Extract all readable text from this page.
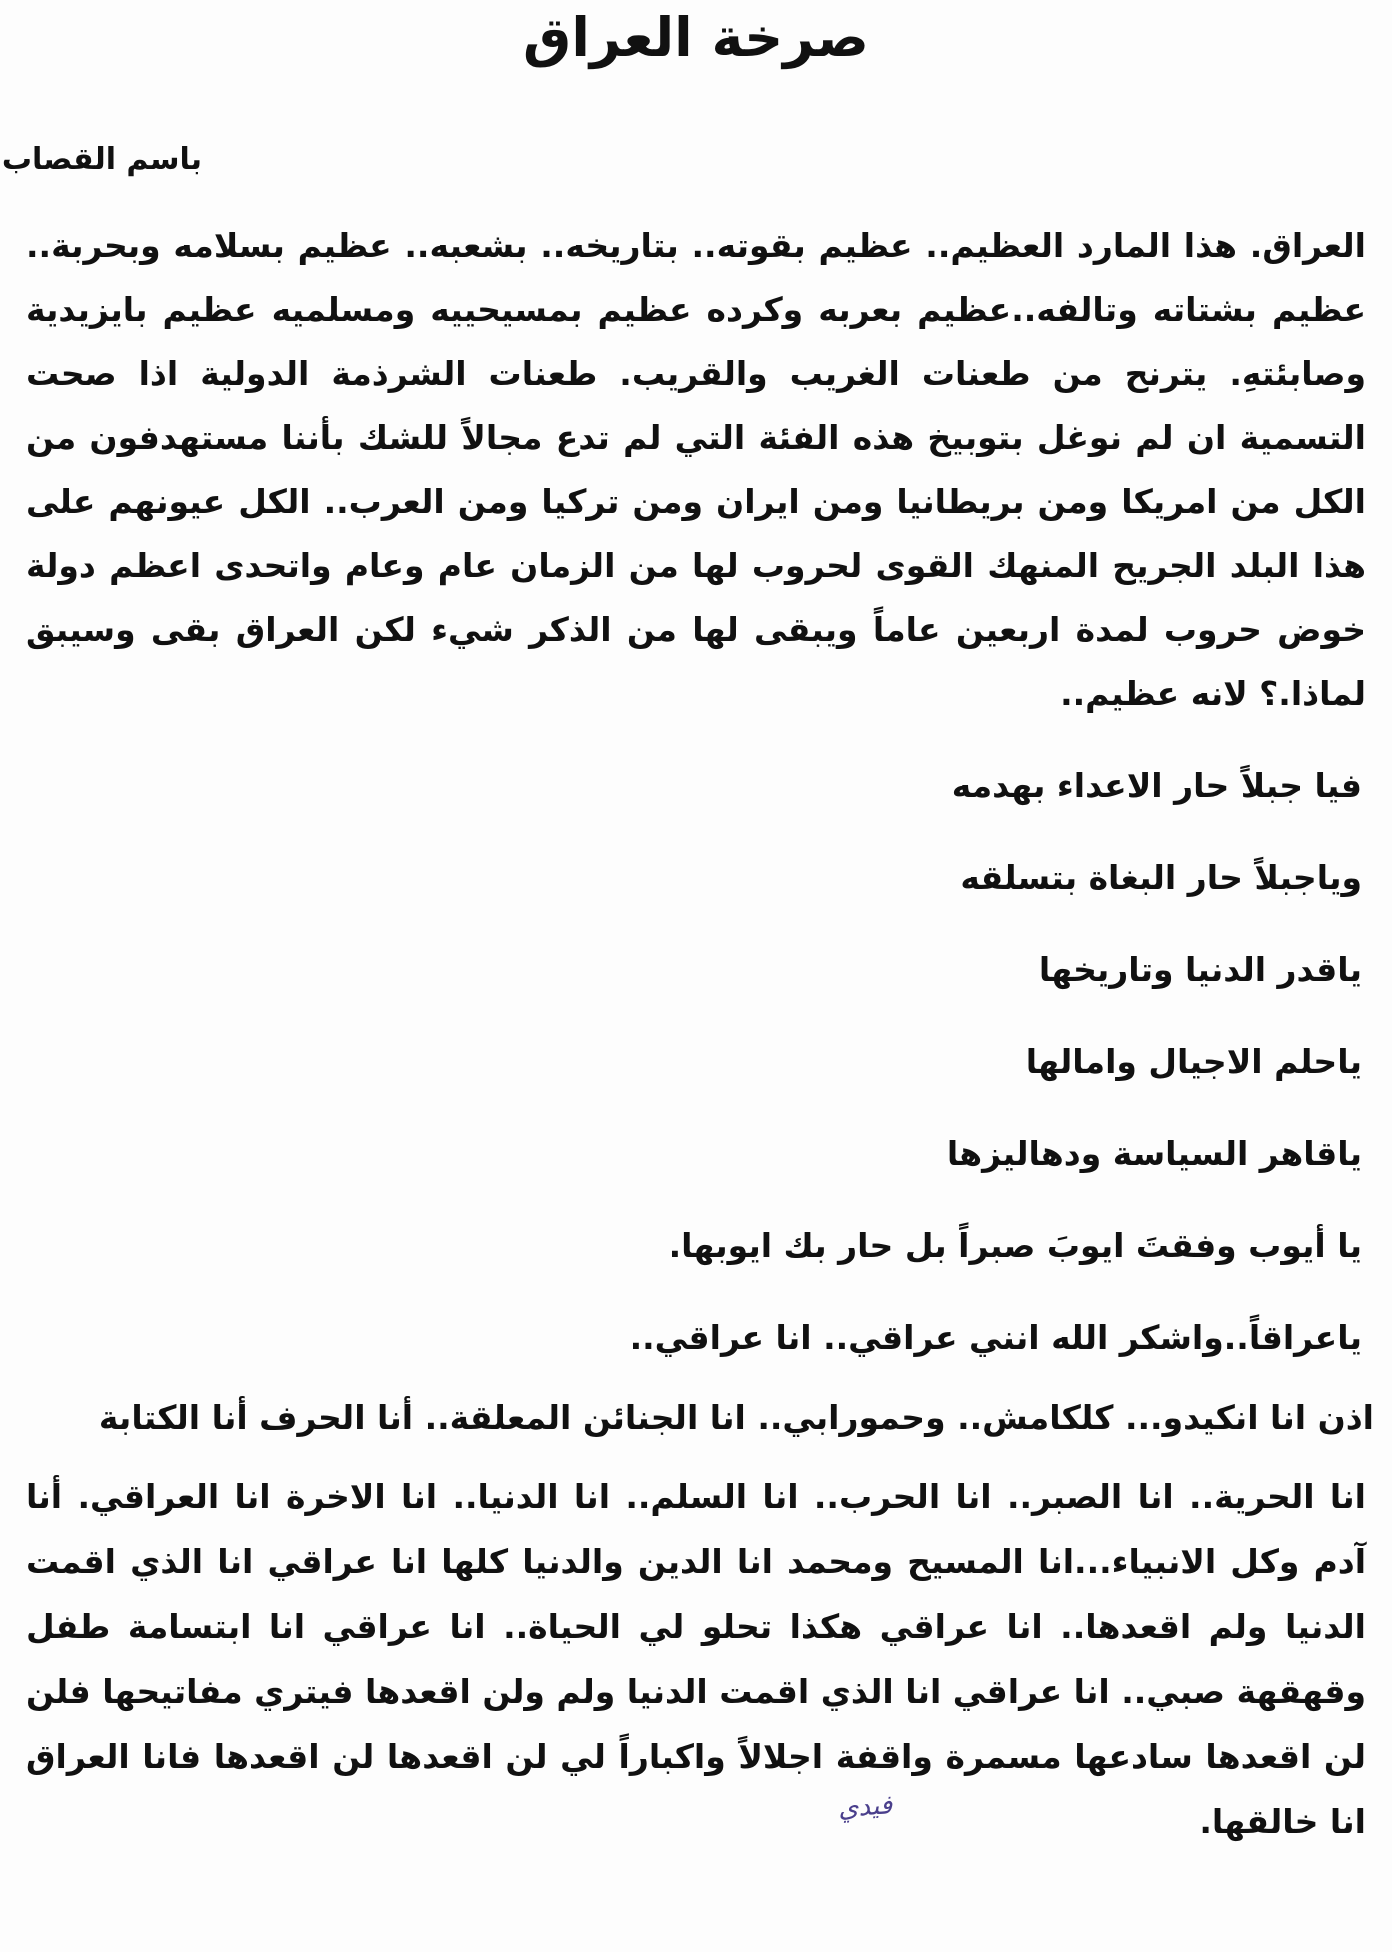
صرخة العراق
باسم القصاب

العراق. هذا المارد العظيم.. عظيم بقوته.. بتاريخه.. بشعبه.. عظيم بسلامه وبحربة.. عظيم بشتاته وتالفه..عظيم بعربه وكرده عظيم بمسيحييه ومسلميه عظيم بايزيدية وصابئتهِ. يترنح من طعنات الغريب والقريب. طعنات الشرذمة الدولية اذا صحت التسمية ان لم نوغل بتوبيخ هذه الفئة التي لم تدع مجالاً للشك بأننا مستهدفون من الكل من امريكا ومن بريطانيا ومن ايران ومن تركيا ومن العرب.. الكل عيونهم على هذا البلد الجريح المنهك القوى لحروب لها من الزمان عام وعام واتحدى اعظم دولة خوض حروب لمدة اربعين عاماً ويبقى لها من الذكر شيء لكن العراق بقى وسيبق لماذا.؟ لانه عظيم..

فيا جبلاً حار الاعداء بهدمه

وياجبلاً حار البغاة بتسلقه

ياقدر الدنيا وتاريخها

ياحلم الاجيال وامالها

ياقاهر السياسة ودهاليزها

يا أيوب وفقتَ ايوبَ صبراً بل حار بك ايوبها.

ياعراقاً..واشكر الله انني عراقي.. انا عراقي..

اذن انا انكيدو... كلكامش.. وحمورابي.. انا الجنائن المعلقة.. أنا الحرف أنا الكتابة

انا الحرية.. انا الصبر.. انا الحرب.. انا السلم.. انا الدنيا.. انا الاخرة انا العراقي. أنا آدم وكل الانبياء...انا المسيح ومحمد انا الدين والدنيا كلها انا عراقي انا الذي اقمت الدنيا ولم اقعدها.. انا عراقي هكذا تحلو لي الحياة.. انا عراقي انا ابتسامة طفل وقهقهة صبي.. انا عراقي انا الذي اقمت الدنيا ولم ولن اقعدها فيتري مفاتيحها فلن لن اقعدها سادعها مسمرة واقفة اجلالاً واكباراً لي لن اقعدها لن اقعدها فانا العراق انا خالقها.

فيدي
